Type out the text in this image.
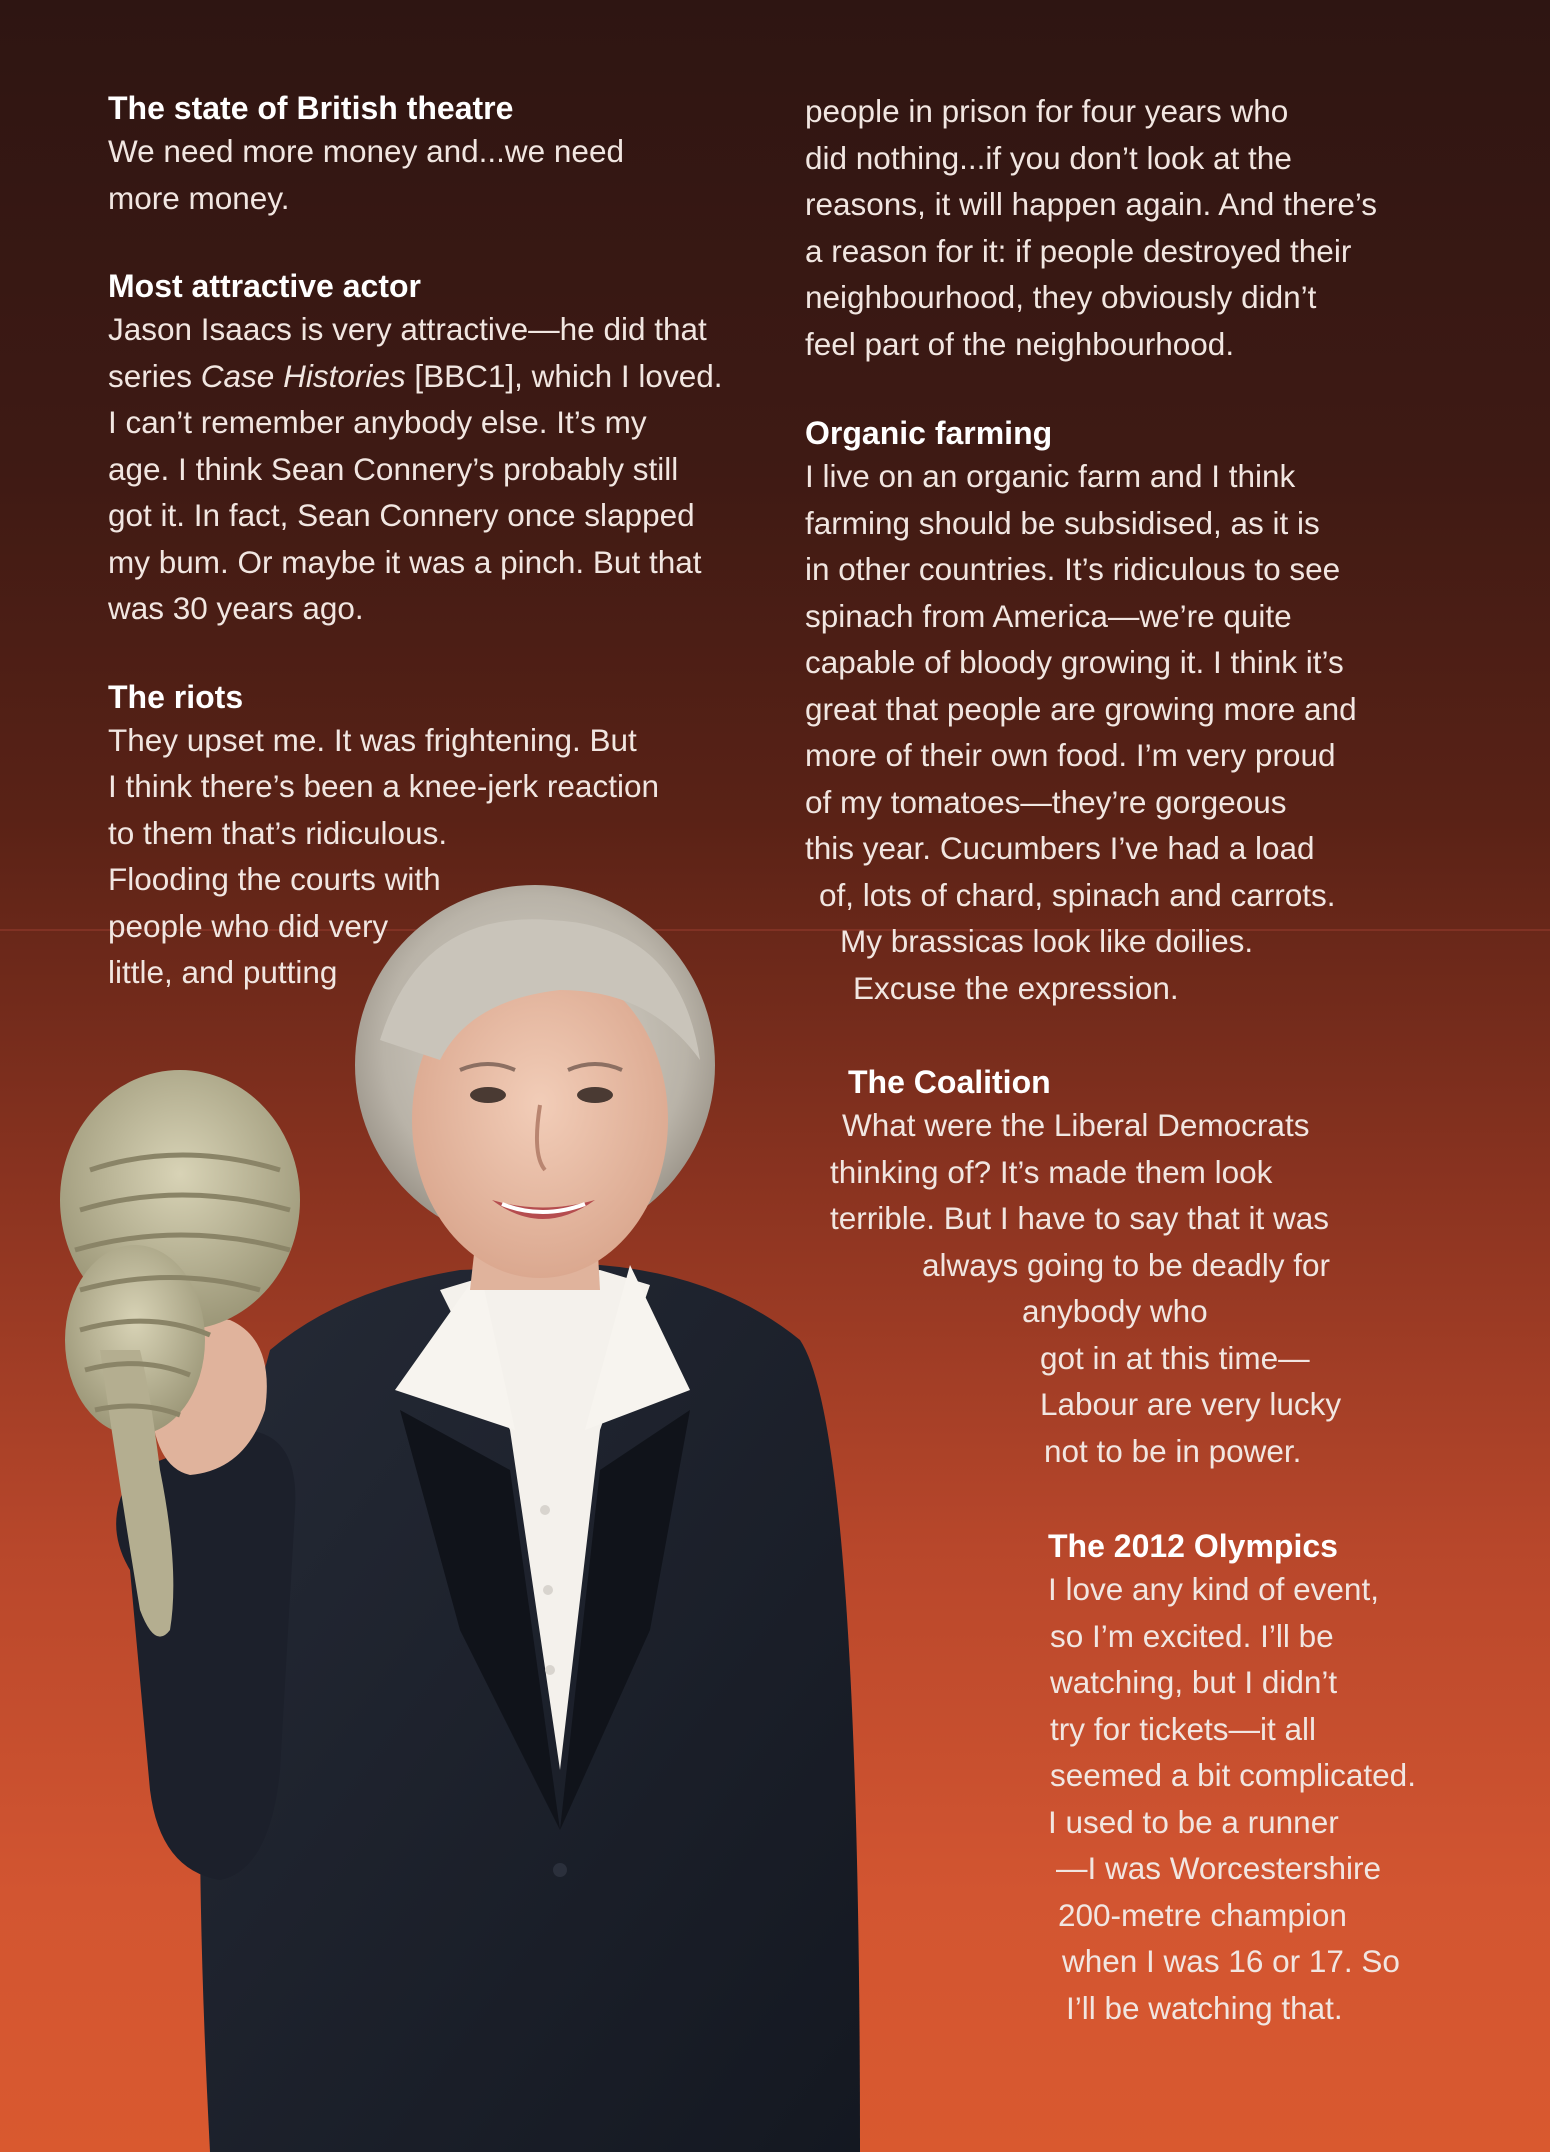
The state of British theatre
We need more money and...we need
more money.
Most attractive actor
Jason Isaacs is very attractive—he did that
series Case Histories [BBC1], which I loved.
I can’t remember anybody else. It’s my
age. I think Sean Connery’s probably still
got it. In fact, Sean Connery once slapped
my bum. Or maybe it was a pinch. But that
was 30 years ago.
The riots
They upset me. It was frightening. But
I think there’s been a knee-jerk reaction
to them that’s ridiculous.
Flooding the courts with
people who did very
little, and putting
people in prison for four years who
did nothing...if you don’t look at the
reasons, it will happen again. And there’s
a reason for it: if people destroyed their
neighbourhood, they obviously didn’t
feel part of the neighbourhood.
Organic farming
I live on an organic farm and I think
farming should be subsidised, as it is
in other countries. It’s ridiculous to see
spinach from America—we’re quite
capable of bloody growing it. I think it’s
great that people are growing more and
more of their own food. I’m very proud
of my tomatoes—they’re gorgeous
this year. Cucumbers I’ve had a load
of, lots of chard, spinach and carrots.
My brassicas look like doilies.
Excuse the expression.
The Coalition
What were the Liberal Democrats
thinking of? It’s made them look
terrible. But I have to say that it was
always going to be deadly for
anybody who
got in at this time—
Labour are very lucky
not to be in power.
The 2012 Olympics
I love any kind of event,
so I’m excited. I’ll be
watching, but I didn’t
try for tickets—it all
seemed a bit complicated.
I used to be a runner
—I was Worcestershire
200-metre champion
when I was 16 or 17. So
I’ll be watching that.
